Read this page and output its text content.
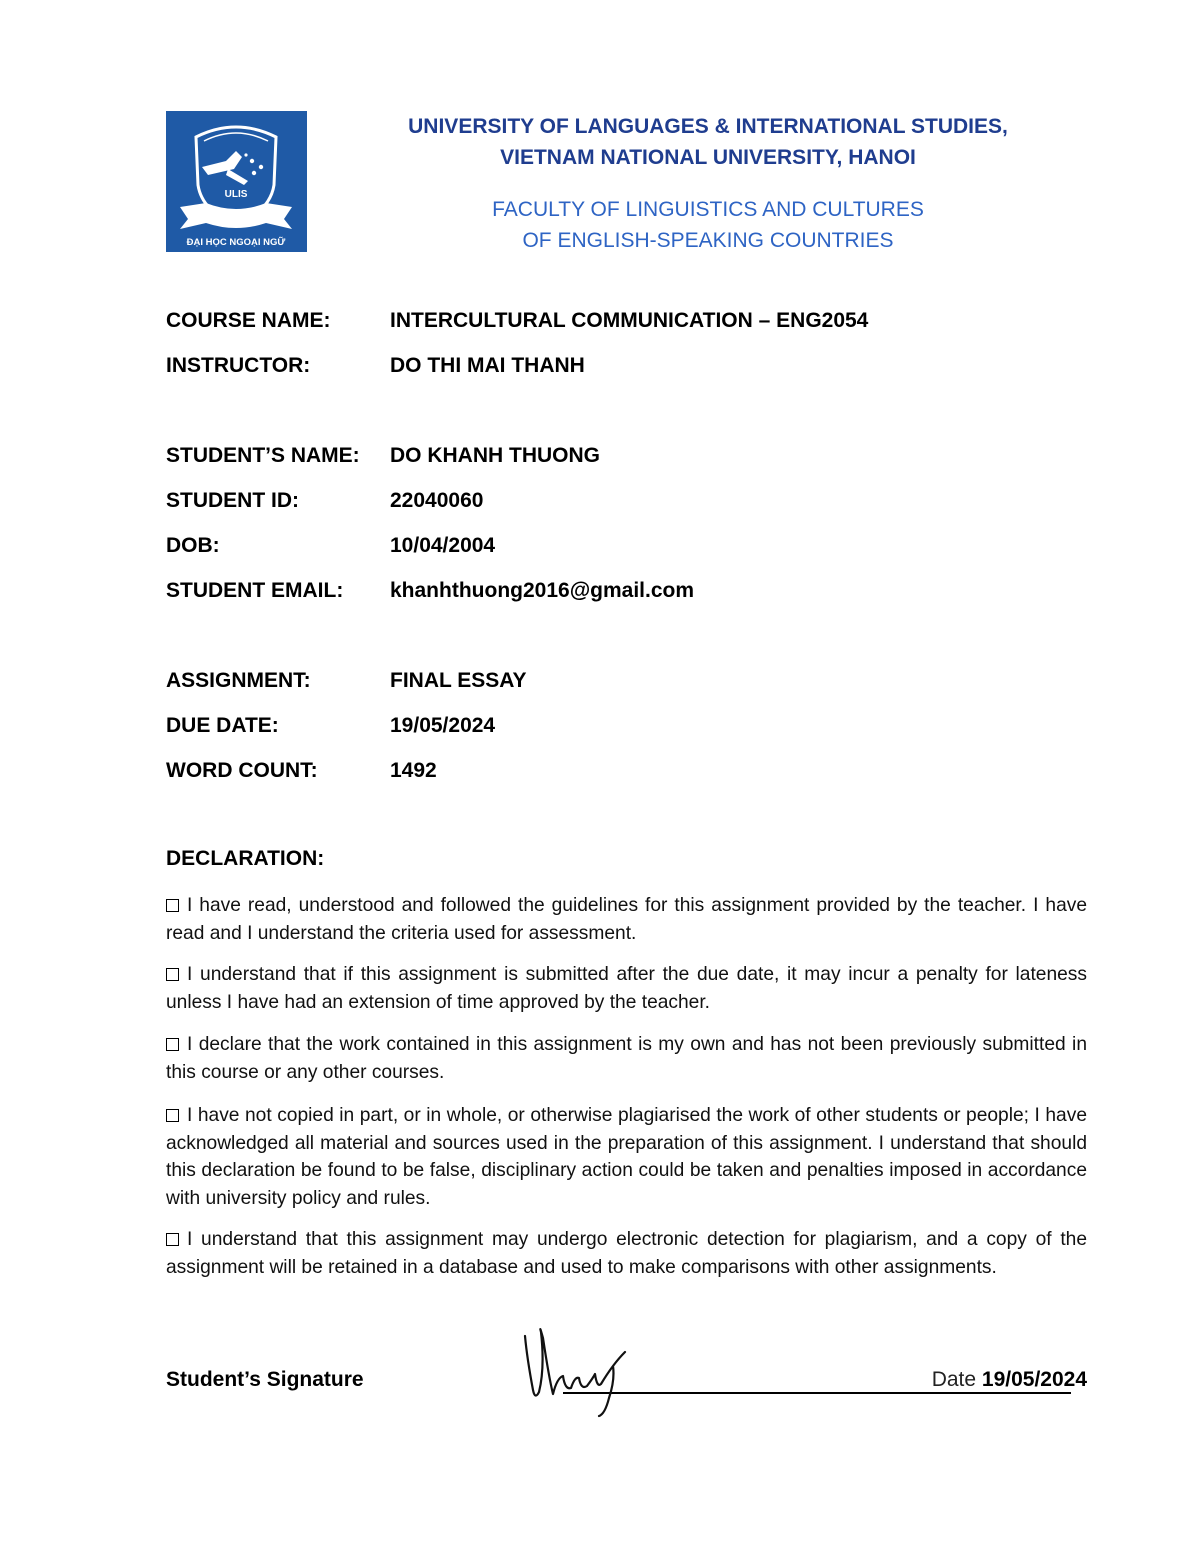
ULIS
ĐẠI HỌC NGOẠI NGỮ
UNIVERSITY OF LANGUAGES & INTERNATIONAL STUDIES,
VIETNAM NATIONAL UNIVERSITY, HANOI
FACULTY OF LINGUISTICS AND CULTURES
OF ENGLISH-SPEAKING COUNTRIES
COURSE NAME:	INTERCULTURAL COMMUNICATION – ENG2054
INSTRUCTOR:	DO THI MAI THANH
STUDENT’S NAME: DO KHANH THUONG
STUDENT ID:	22040060
DOB:	10/04/2004
STUDENT EMAIL: khanhthuong2016@gmail.com
ASSIGNMENT:	FINAL ESSAY
DUE DATE:	19/05/2024
WORD COUNT:	1492
DECLARATION:
I have read, understood and followed the guidelines for this assignment provided by the teacher. I have read and I understand the criteria used for assessment.
I understand that if this assignment is submitted after the due date, it may incur a penalty for lateness unless I have had an extension of time approved by the teacher.
I declare that the work contained in this assignment is my own and has not been previously submitted in this course or any other courses.
I have not copied in part, or in whole, or otherwise plagiarised the work of other students or people; I have acknowledged all material and sources used in the preparation of this assignment. I understand that should this declaration be found to be false, disciplinary action could be taken and penalties imposed in accordance with university policy and rules.
I understand that this assignment may undergo electronic detection for plagiarism, and a copy of the assignment will be retained in a database and used to make comparisons with other assignments.
Student’s Signature	Date 19/05/2024
